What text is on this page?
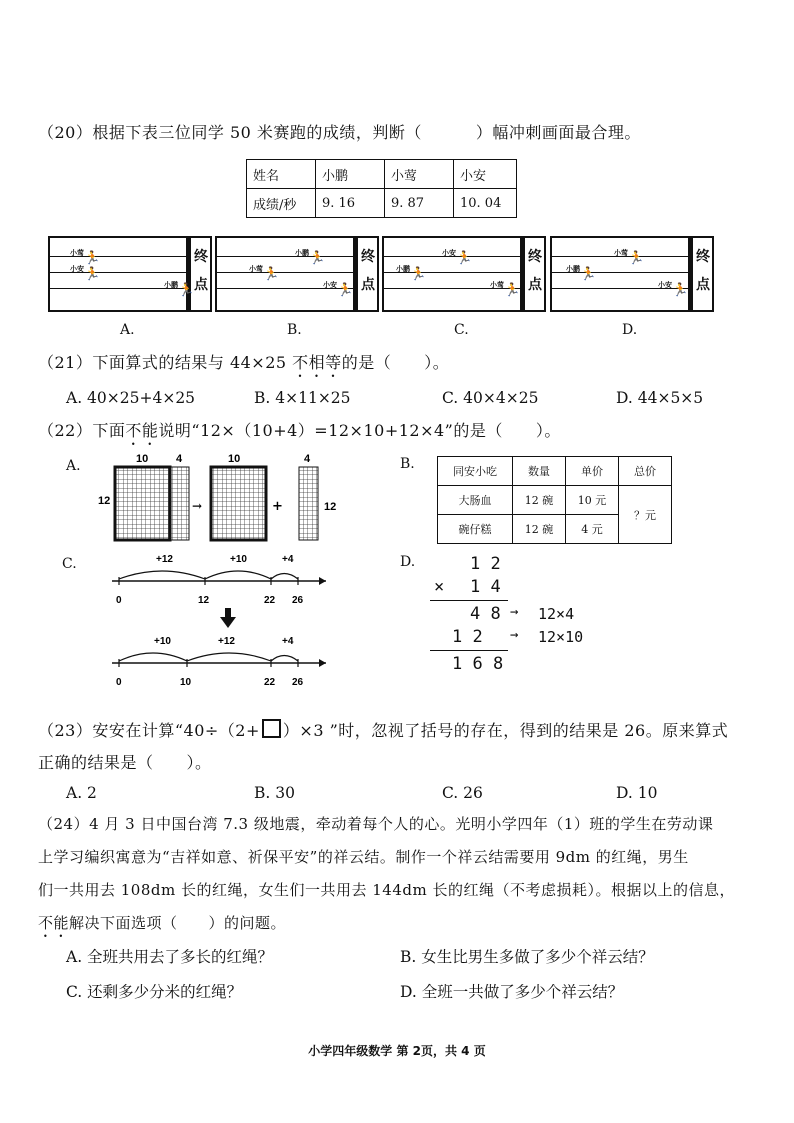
（20）根据下表三位同学 50 米赛跑的成绩，判断（	）幅冲刺画面最合理。
姓名	小鹏	小莺	小安
成绩/秒	9. 16	9. 87	10. 04
终
点
小莺 🏃
小安 🏃
小鹏 🏃
A.
终
点
小莺 🏃
小鹏 🏃
小安 🏃
B.
终
点
小鹏 🏃
小安 🏃
小莺 🏃
C.
终
点
小莺 🏃
小鹏 🏃
小安 🏃
D.
（21）下面算式的结果与 44×25 不相等的是（　　）。
A. 40×25+4×25	B. 4×11×25	C. 40×4×25	D. 44×5×5
（22）下面不能说明“12×（10+4）=12×10+12×4”的是（　　）。
A.	10	4
12	→
10
+
4
12
B.	同安小吃	数量	单价	总价
大肠血	12 碗	10 元	？元
碗仔糕	12 碗	4 元	
C.	+12	+10	+4
0	12	22 26
+10	+12	+4
0	10	22 26
D.	1 2
× 1 4
4 8 → 12×4
1 2 → 12×10
1 6 8
（23）安安在计算“40÷（2+ ）×3 ”时，忽视了括号的存在，得到的结果是 26。原来算式
正确的结果是（　　）。
A. 2	B. 30	C. 26	D. 10
（24）4 月 3 日中国台湾 7.3 级地震，牵动着每个人的心。光明小学四年（1）班的学生在劳动课
上学习编织寓意为“吉祥如意、祈保平安”的祥云结。制作一个祥云结需要用 9dm 的红绳，男生
们一共用去 108dm 长的红绳，女生们一共用去 144dm 长的红绳（不考虑损耗）。根据以上的信息，
不能解决下面选项（　　）的问题。
A. 全班共用去了多长的红绳？	B. 女生比男生多做了多少个祥云结？
C. 还剩多少分米的红绳？	D. 全班一共做了多少个祥云结？
小学四年级数学 第 2页，共 4 页
